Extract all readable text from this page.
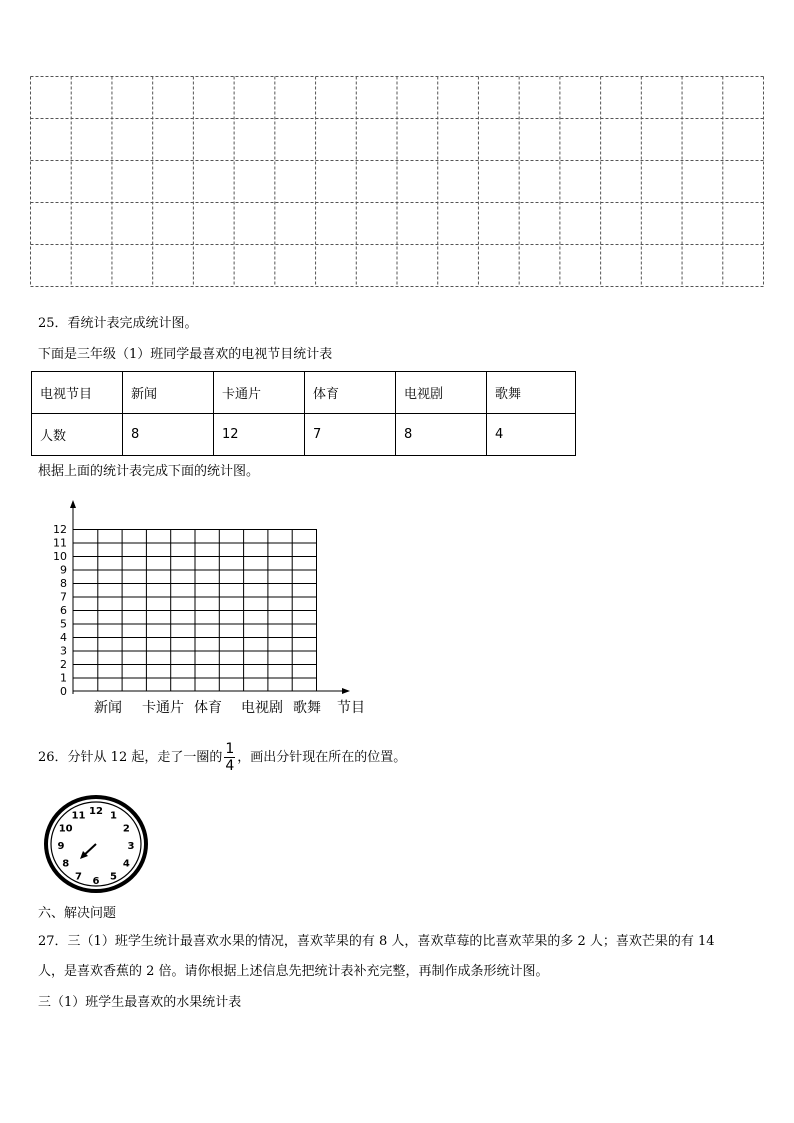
25．看统计表完成统计图。
下面是三年级（1）班同学最喜欢的电视节目统计表
电视节目	新闻	卡通片	体育	电视剧	歌舞
人数	8	12	7	8	4
根据上面的统计表完成下面的统计图。
0
1
2
3
4
5
6
7
8
9
10
11
12
新闻 卡通片 体育 电视剧 歌舞 节目
26．分针从 12 起，走了一圈的 $\frac{1}{4}$ ，画出分针现在所在的位置。
12 1
2
3
4
5
6
7
8
9
10
11
六、解决问题
27．三（1）班学生统计最喜欢水果的情况，喜欢苹果的有 8 人，喜欢草莓的比喜欢苹果的多 2 人；喜欢芒果的有 14
人，是喜欢香蕉的 2 倍。请你根据上述信息先把统计表补充完整，再制作成条形统计图。
三（1）班学生最喜欢的水果统计表
